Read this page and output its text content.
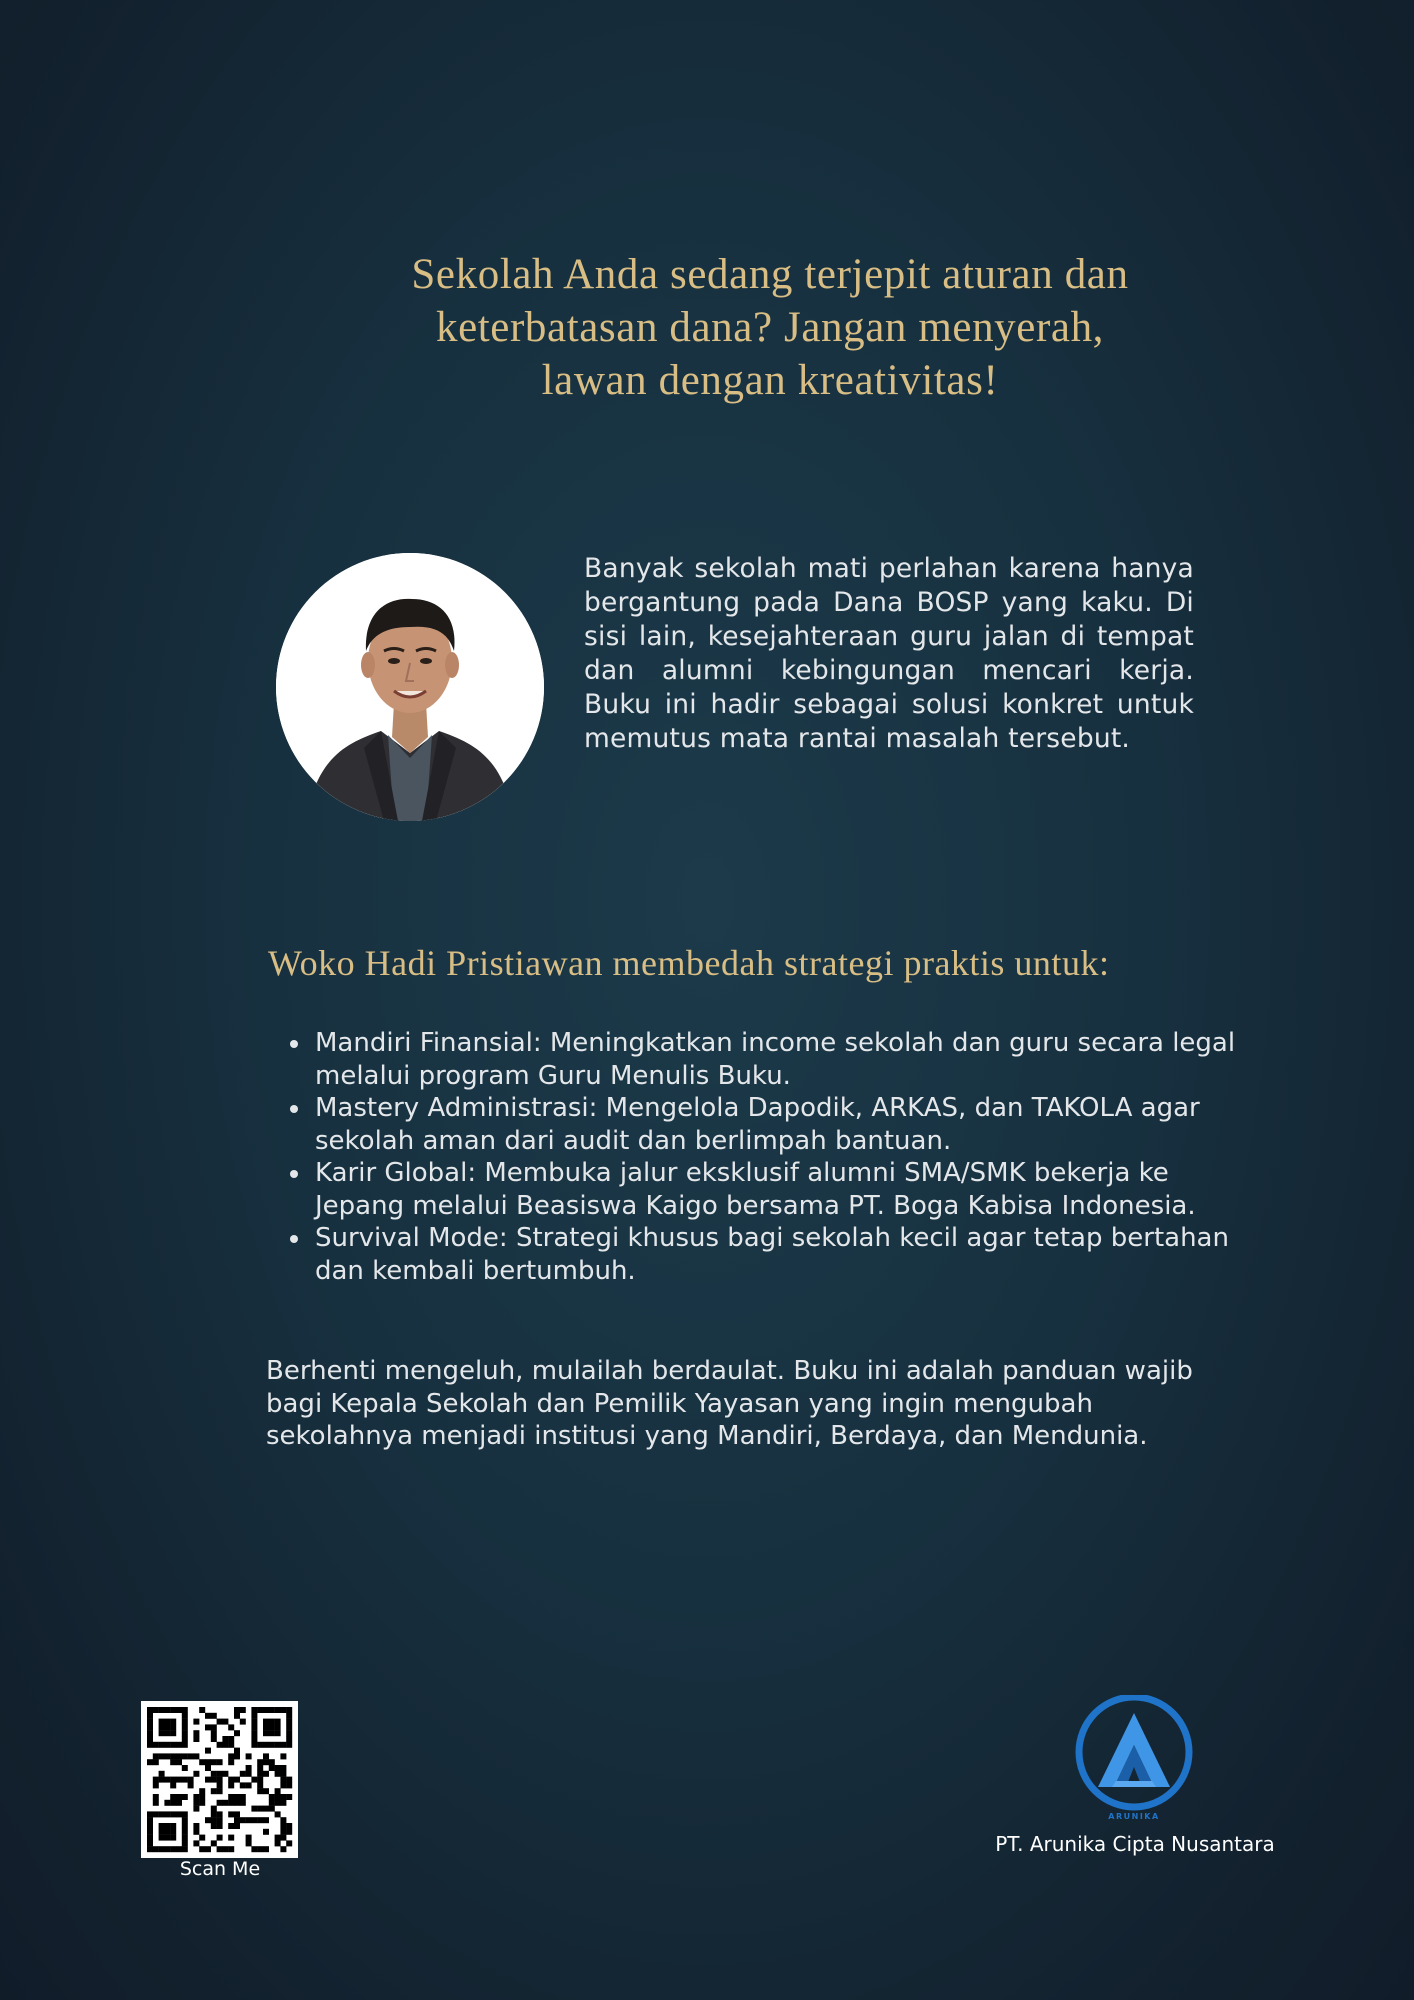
Sekolah Anda sedang terjepit aturan dan
keterbatasan dana? Jangan menyerah,
lawan dengan kreativitas!

Banyak sekolah mati perlahan karena hanya bergantung pada Dana BOSP yang kaku. Di sisi lain, kesejahteraan guru jalan di tempat dan alumni kebingungan mencari kerja. Buku ini hadir sebagai solusi konkret untuk memutus mata rantai masalah tersebut.

Woko Hadi Pristiawan membedah strategi praktis untuk:
Mandiri Finansial: Meningkatkan income sekolah dan guru secara legal melalui program Guru Menulis Buku.
Mastery Administrasi: Mengelola Dapodik, ARKAS, dan TAKOLA agar sekolah aman dari audit dan berlimpah bantuan.
Karir Global: Membuka jalur eksklusif alumni SMA/SMK bekerja ke Jepang melalui Beasiswa Kaigo bersama PT. Boga Kabisa Indonesia.
Survival Mode: Strategi khusus bagi sekolah kecil agar tetap bertahan dan kembali bertumbuh.

Berhenti mengeluh, mulailah berdaulat. Buku ini adalah panduan wajib bagi Kepala Sekolah dan Pemilik Yayasan yang ingin mengubah sekolahnya menjadi institusi yang Mandiri, Berdaya, dan Mendunia.

Scan Me
ARUNIKA
PT. Arunika Cipta Nusantara
